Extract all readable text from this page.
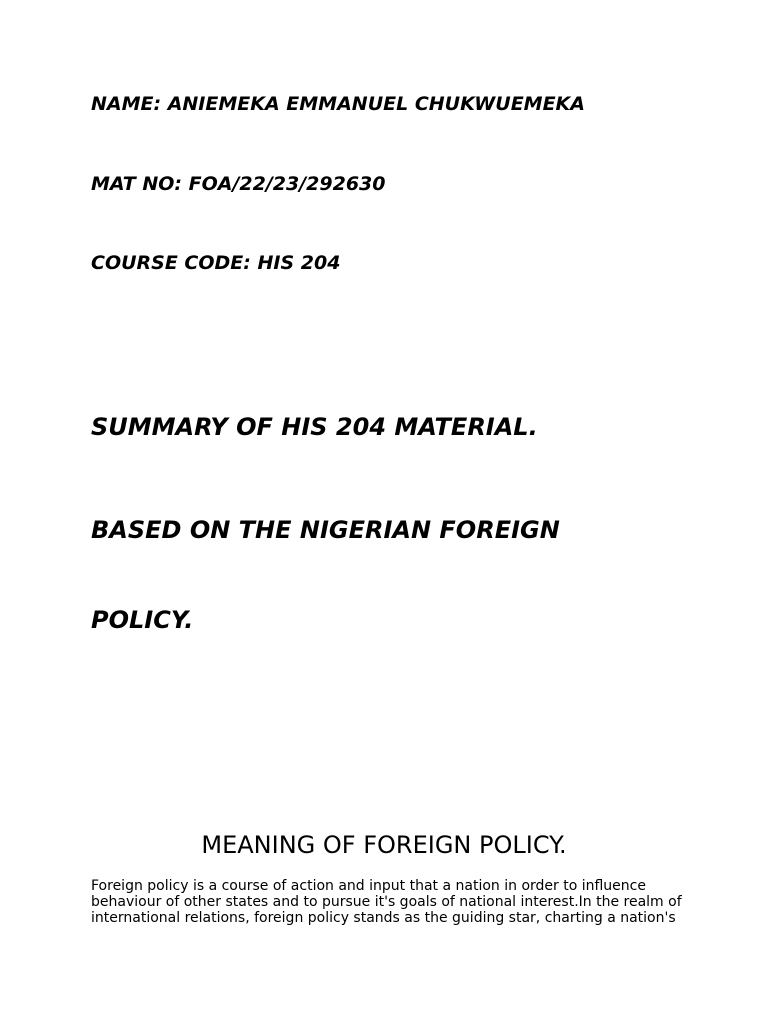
NAME: ANIEMEKA EMMANUEL CHUKWUEMEKA
MAT NO: FOA/22/23/292630
COURSE CODE: HIS 204
SUMMARY OF HIS 204 MATERIAL.
BASED ON THE NIGERIAN FOREIGN
POLICY.
MEANING OF FOREIGN POLICY.
Foreign policy is a course of action and input that a nation in order to influence
behaviour of other states and to pursue it's goals of national interest.In the realm of
international relations, foreign policy stands as the guiding star, charting a nation's
